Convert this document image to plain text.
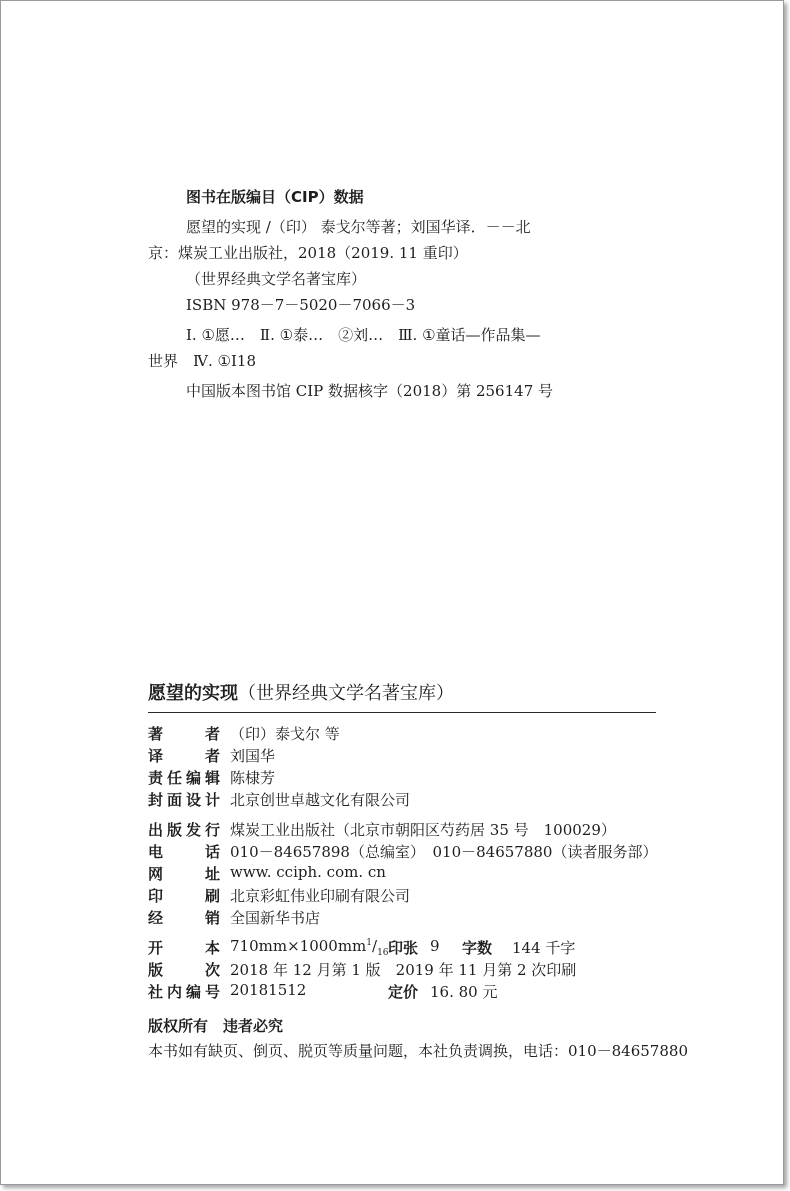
图书在版编目（CIP）数据
愿望的实现 /（印） 泰戈尔等著；刘国华译．－－北
京：煤炭工业出版社，2018（2019. 11 重印）
（世界经典文学名著宝库）
ISBN 978－7－5020－7066－3
Ⅰ. ①愿…　Ⅱ. ①泰…　②刘…　Ⅲ. ①童话—作品集—
世界　Ⅳ. ①I18
中国版本图书馆 CIP 数据核字（2018）第 256147 号
愿望的实现（世界经典文学名著宝库）
著　者 （印）泰戈尔 等
译　者 刘国华
责任编辑 陈棣芳
封面设计 北京创世卓越文化有限公司
出版发行 煤炭工业出版社（北京市朝阳区芍药居 35 号　100029）
电　话 010－84657898（总编室）　010－84657880（读者服务部）
网　址 www. cciph. com. cn
印　刷 北京彩虹伟业印刷有限公司
经　销 全国新华书店
开　本 $710mm\times 1000mm^1/_{16}$ 印张 9 字数 144 千字
版　次 2018 年 12 月第 1 版　2019 年 11 月第 2 次印刷
社内编号 20181512	定价 16. 80 元
版权所有　违者必究
本书如有缺页、倒页、脱页等质量问题，本社负责调换，电话：010－84657880
